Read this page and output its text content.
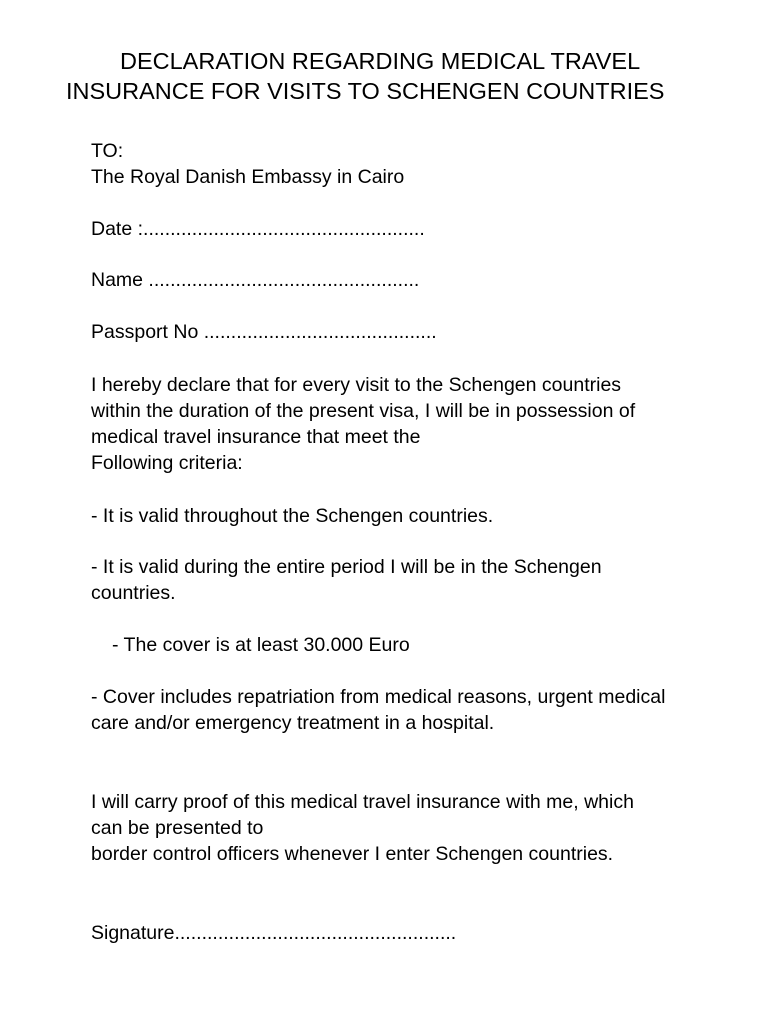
DECLARATION REGARDING MEDICAL TRAVEL
INSURANCE FOR VISITS TO SCHENGEN COUNTRIES

TO:

The Royal Danish Embassy in Cairo

Date :....................................................

Name ..................................................

Passport No ...........................................

I hereby declare that for every visit to the Schengen countries

within the duration of the present visa, I will be in possession of

medical travel insurance that meet the

Following criteria:

- It is valid throughout the Schengen countries.

- It is valid during the entire period I will be in the Schengen

countries.

- The cover is at least 30.000 Euro

- Cover includes repatriation from medical reasons, urgent medical

care and/or emergency treatment in a hospital.

I will carry proof of this medical travel insurance with me, which

can be presented to

border control officers whenever I enter Schengen countries.

Signature....................................................
